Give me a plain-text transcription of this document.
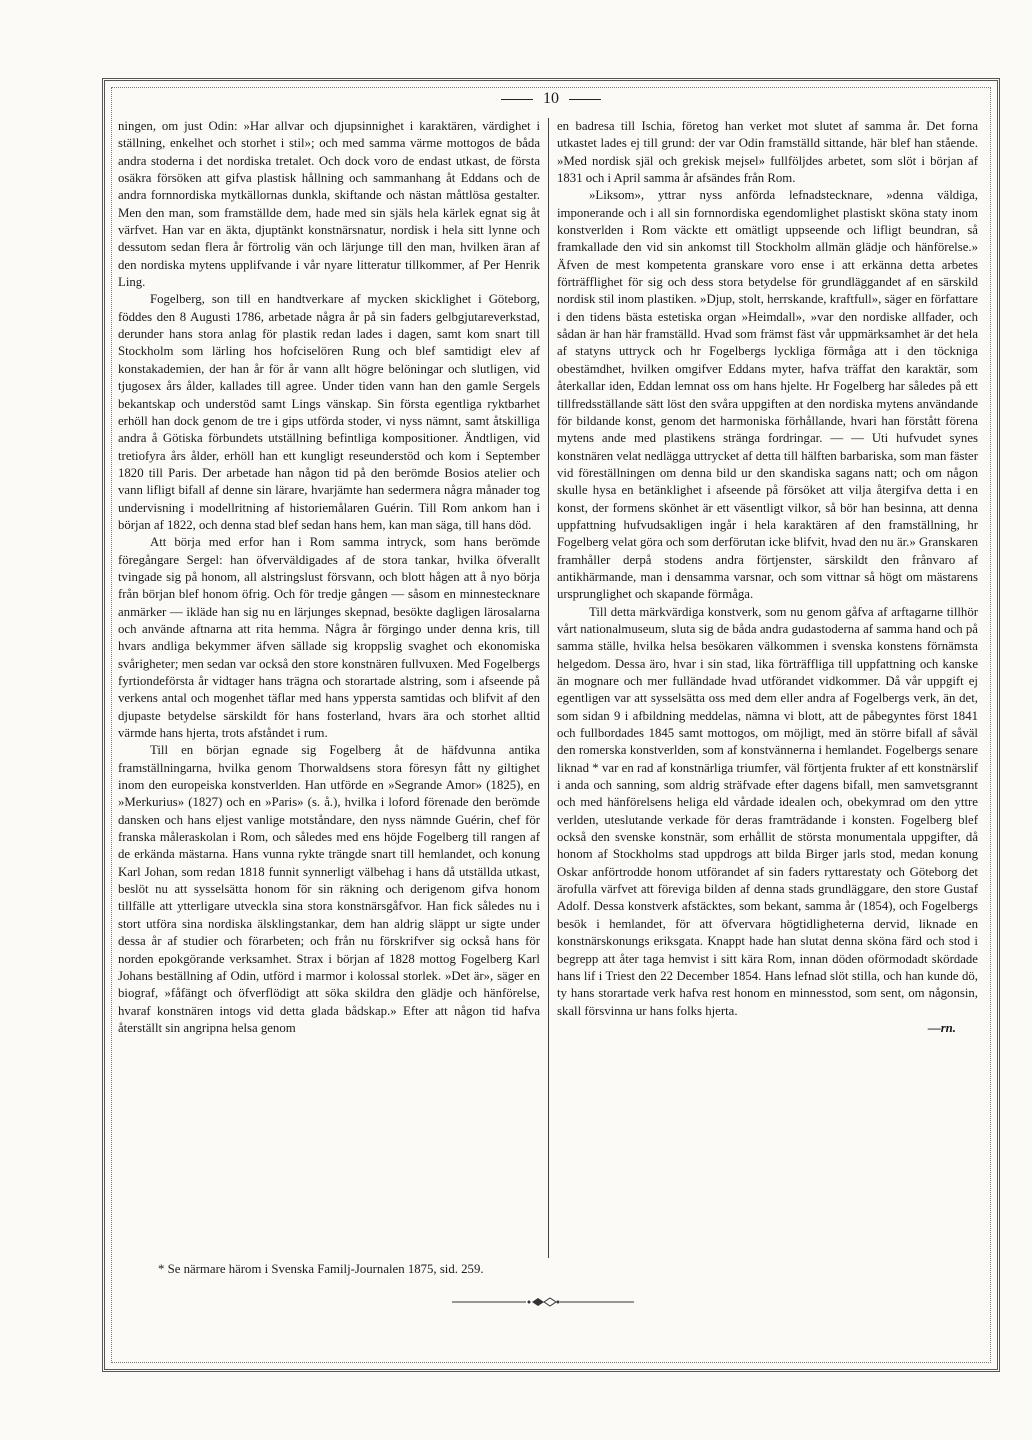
10

ningen, om just Odin: »Har allvar och djupsinnighet i karaktären, värdighet i ställning, enkelhet och storhet i stil»; och med samma värme mottogos de båda andra stoderna i det nordiska tretalet. Och dock voro de endast utkast, de första osäkra försöken att gifva plastisk hållning och sammanhang åt Eddans och de andra fornnordiska mytkällornas dunkla, skiftande och nästan måttlösa gestalter. Men den man, som framställde dem, hade med sin själs hela kärlek egnat sig åt värfvet. Han var en äkta, djuptänkt konstnärsnatur, nordisk i hela sitt lynne och dessutom sedan flera år förtrolig vän och lärjunge till den man, hvilken äran af den nordiska mytens upplifvande i vår nyare litteratur tillkommer, af Per Henrik Ling.

Fogelberg, son till en handtverkare af mycken skicklighet i Göteborg, föddes den 8 Augusti 1786, arbetade några år på sin faders gelbgjutareverkstad, derunder hans stora anlag för plastik redan lades i dagen, samt kom snart till Stockholm som lärling hos hofciselören Rung och blef samtidigt elev af konstakademien, der han år för år vann allt högre belöningar och slutligen, vid tjugosex års ålder, kallades till agree. Under tiden vann han den gamle Sergels bekantskap och understöd samt Lings vänskap. Sin första egentliga ryktbarhet erhöll han dock genom de tre i gips utförda stoder, vi nyss nämnt, samt åtskilliga andra å Götiska förbundets utställning befintliga kompositioner. Ändtligen, vid tretiofyra års ålder, erhöll han ett kungligt reseunderstöd och kom i September 1820 till Paris. Der arbetade han någon tid på den berömde Bosios atelier och vann lifligt bifall af denne sin lärare, hvarjämte han sedermera några månader tog undervisning i modellritning af historiemålaren Guérin. Till Rom ankom han i början af 1822, och denna stad blef sedan hans hem, kan man säga, till hans död.

Att börja med erfor han i Rom samma intryck, som hans berömde föregångare Sergel: han öfverväldigades af de stora tankar, hvilka öfverallt tvingade sig på honom, all alstringslust försvann, och blott hågen att å nyo börja från början blef honom öfrig. Och för tredje gången — såsom en minnestecknare anmärker — ikläde han sig nu en lärjunges skepnad, besökte dagligen lärosalarna och använde aftnarna att rita hemma. Några år förgingo under denna kris, till hvars andliga bekymmer äfven sällade sig kroppslig svaghet och ekonomiska svårigheter; men sedan var också den store konstnären fullvuxen. Med Fogelbergs fyrtiondeförsta år vidtager hans trägna och storartade alstring, som i afseende på verkens antal och mogenhet täflar med hans yppersta samtidas och blifvit af den djupaste betydelse särskildt för hans fosterland, hvars ära och storhet alltid värmde hans hjerta, trots afståndet i rum.

Till en början egnade sig Fogelberg åt de häfdvunna antika framställningarna, hvilka genom Thorwaldsens stora föresyn fått ny giltighet inom den europeiska konstverlden. Han utförde en »Segrande Amor» (1825), en »Merkurius» (1827) och en »Paris» (s. å.), hvilka i loford förenade den berömde dansken och hans eljest vanlige motståndare, den nyss nämnde Guérin, chef för franska måleraskolan i Rom, och således med ens höjde Fogelberg till rangen af de erkända mästarna. Hans vunna rykte trängde snart till hemlandet, och konung Karl Johan, som redan 1818 funnit synnerligt välbehag i hans då utställda utkast, beslöt nu att sysselsätta honom för sin räkning och derigenom gifva honom tillfälle att ytterligare utveckla sina stora konstnärsgåfvor. Han fick således nu i stort utföra sina nordiska älsklingstankar, dem han aldrig släppt ur sigte under dessa år af studier och förarbeten; och från nu förskrifver sig också hans för norden epokgörande verksamhet. Strax i början af 1828 mottog Fogelberg Karl Johans beställning af Odin, utförd i marmor i kolossal storlek. »Det är», säger en biograf, »fåfängt och öfverflödigt att söka skildra den glädje och hänförelse, hvaraf konstnären intogs vid detta glada bådskap.» Efter att någon tid hafva återställt sin angripna helsa genom

en badresa till Ischia, företog han verket mot slutet af samma år. Det forna utkastet lades ej till grund: der var Odin framställd sittande, här blef han stående. »Med nordisk själ och grekisk mejsel» fullföljdes arbetet, som slöt i början af 1831 och i April samma år afsändes från Rom.

»Liksom», yttrar nyss anförda lefnadstecknare, »denna väldiga, imponerande och i all sin fornnordiska egendomlighet plastiskt sköna staty inom konstverlden i Rom väckte ett omätligt uppseende och lifligt beundran, så framkallade den vid sin ankomst till Stockholm allmän glädje och hänförelse.» Äfven de mest kompetenta granskare voro ense i att erkänna detta arbetes förträfflighet för sig och dess stora betydelse för grundläggandet af en särskild nordisk stil inom plastiken. »Djup, stolt, herrskande, kraftfull», säger en författare i den tidens bästa estetiska organ »Heimdall», »var den nordiske allfader, och sådan är han här framställd. Hvad som främst fäst vår uppmärksamhet är det hela af statyns uttryck och hr Fogelbergs lyckliga förmåga att i den töckniga obestämdhet, hvilken omgifver Eddans myter, hafva träffat den karaktär, som återkallar iden, Eddan lemnat oss om hans hjelte. Hr Fogelberg har således på ett tillfredsställande sätt löst den svåra uppgiften at den nordiska mytens användande för bildande konst, genom det harmoniska förhållande, hvari han förstått förena mytens ande med plastikens stränga fordringar. — — Uti hufvudet synes konstnären velat nedlägga uttrycket af detta till hälften barbariska, som man fäster vid föreställningen om denna bild ur den skandiska sagans natt; och om någon skulle hysa en betänklighet i afseende på försöket att vilja återgifva detta i en konst, der formens skönhet är ett väsentligt vilkor, så bör han besinna, att denna uppfattning hufvudsakligen ingår i hela karaktären af den framställning, hr Fogelberg velat göra och som derförutan icke blifvit, hvad den nu är.» Granskaren framhåller derpå stodens andra förtjenster, särskildt den frånvaro af antikhärmande, man i densamma varsnar, och som vittnar så högt om mästarens ursprunglighet och skapande förmåga.

Till detta märkvärdiga konstverk, som nu genom gåfva af arftagarne tillhör vårt nationalmuseum, sluta sig de båda andra gudastoderna af samma hand och på samma ställe, hvilka helsa besökaren välkommen i svenska konstens förnämsta helgedom. Dessa äro, hvar i sin stad, lika förträffliga till uppfattning och kanske än mognare och mer fulländade hvad utförandet vidkommer. Då vår uppgift ej egentligen var att sysselsätta oss med dem eller andra af Fogelbergs verk, än det, som sidan 9 i afbildning meddelas, nämna vi blott, att de påbegyntes först 1841 och fullbordades 1845 samt mottogos, om möjligt, med än större bifall af såväl den romerska konstverlden, som af konstvännerna i hemlandet. Fogelbergs senare liknad * var en rad af konstnärliga triumfer, väl förtjenta frukter af ett konstnärslif i anda och sanning, som aldrig sträfvade efter dagens bifall, men samvetsgrannt och med hänförelsens heliga eld vårdade idealen och, obekymrad om den yttre verlden, uteslutande verkade för deras framträdande i konsten. Fogelberg blef också den svenske konstnär, som erhållit de största monumentala uppgifter, då honom af Stockholms stad uppdrogs att bilda Birger jarls stod, medan konung Oskar anförtrodde honom utförandet af sin faders ryttarestaty och Göteborg det ärofulla värfvet att föreviga bilden af denna stads grundläggare, den store Gustaf Adolf. Dessa konstverk afstäcktes, som bekant, samma år (1854), och Fogelbergs besök i hemlandet, för att öfvervara högtidligheterna dervid, liknade en konstnärskonungs eriksgata. Knappt hade han slutat denna sköna färd och stod i begrepp att åter taga hemvist i sitt kära Rom, innan döden oförmodadt skördade hans lif i Triest den 22 December 1854. Hans lefnad slöt stilla, och han kunde dö, ty hans storartade verk hafva rest honom en minnesstod, som sent, om någonsin, skall försvinna ur hans folks hjerta.

—rn.

* Se närmare härom i Svenska Familj-Journalen 1875, sid. 259.
